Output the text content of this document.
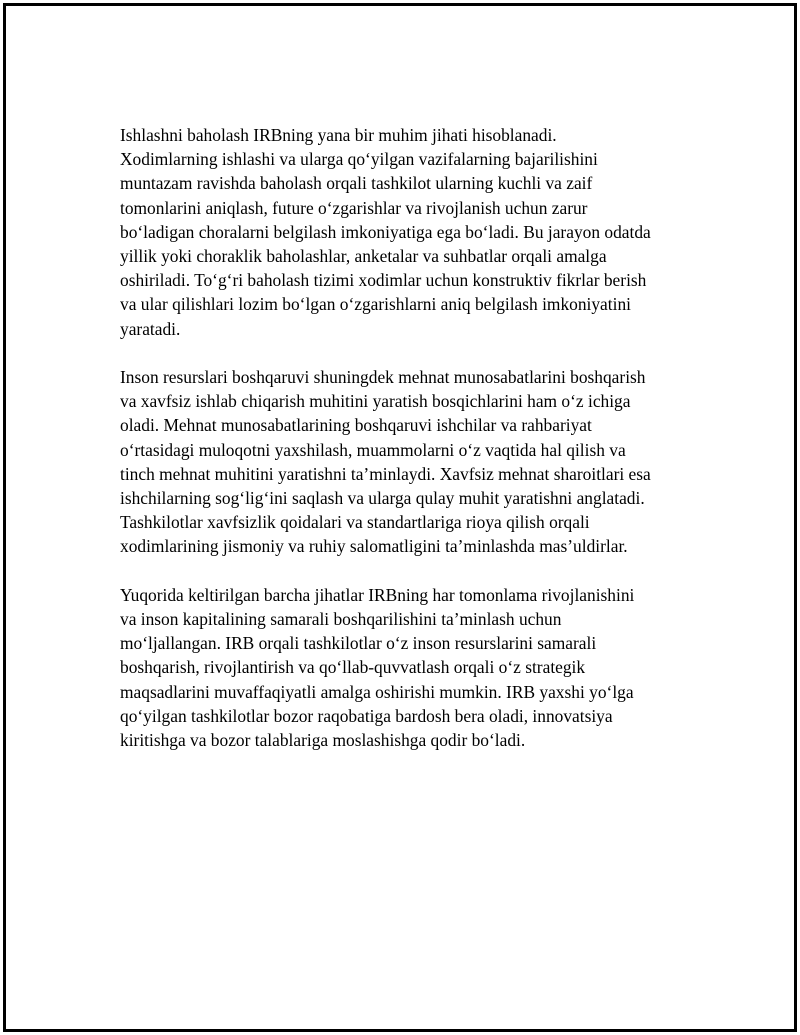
Ishlashni baholash IRBning yana bir muhim jihati hisoblanadi.
Xodimlarning ishlashi va ularga qo‘yilgan vazifalarning bajarilishini
muntazam ravishda baholash orqali tashkilot ularning kuchli va zaif
tomonlarini aniqlash, future o‘zgarishlar va rivojlanish uchun zarur
bo‘ladigan choralarni belgilash imkoniyatiga ega bo‘ladi. Bu jarayon odatda
yillik yoki choraklik baholashlar, anketalar va suhbatlar orqali amalga
oshiriladi. To‘g‘ri baholash tizimi xodimlar uchun konstruktiv fikrlar berish
va ular qilishlari lozim bo‘lgan o‘zgarishlarni aniq belgilash imkoniyatini
yaratadi.

Inson resurslari boshqaruvi shuningdek mehnat munosabatlarini boshqarish
va xavfsiz ishlab chiqarish muhitini yaratish bosqichlarini ham o‘z ichiga
oladi. Mehnat munosabatlarining boshqaruvi ishchilar va rahbariyat
o‘rtasidagi muloqotni yaxshilash, muammolarni o‘z vaqtida hal qilish va
tinch mehnat muhitini yaratishni ta’minlaydi. Xavfsiz mehnat sharoitlari esa
ishchilarning sog‘lig‘ini saqlash va ularga qulay muhit yaratishni anglatadi.
Tashkilotlar xavfsizlik qoidalari va standartlariga rioya qilish orqali
xodimlarining jismoniy va ruhiy salomatligini ta’minlashda mas’uldirlar.

Yuqorida keltirilgan barcha jihatlar IRBning har tomonlama rivojlanishini
va inson kapitalining samarali boshqarilishini ta’minlash uchun
mo‘ljallangan. IRB orqali tashkilotlar o‘z inson resurslarini samarali
boshqarish, rivojlantirish va qo‘llab-quvvatlash orqali o‘z strategik
maqsadlarini muvaffaqiyatli amalga oshirishi mumkin. IRB yaxshi yo‘lga
qo‘yilgan tashkilotlar bozor raqobatiga bardosh bera oladi, innovatsiya
kiritishga va bozor talablariga moslashishga qodir bo‘ladi.
